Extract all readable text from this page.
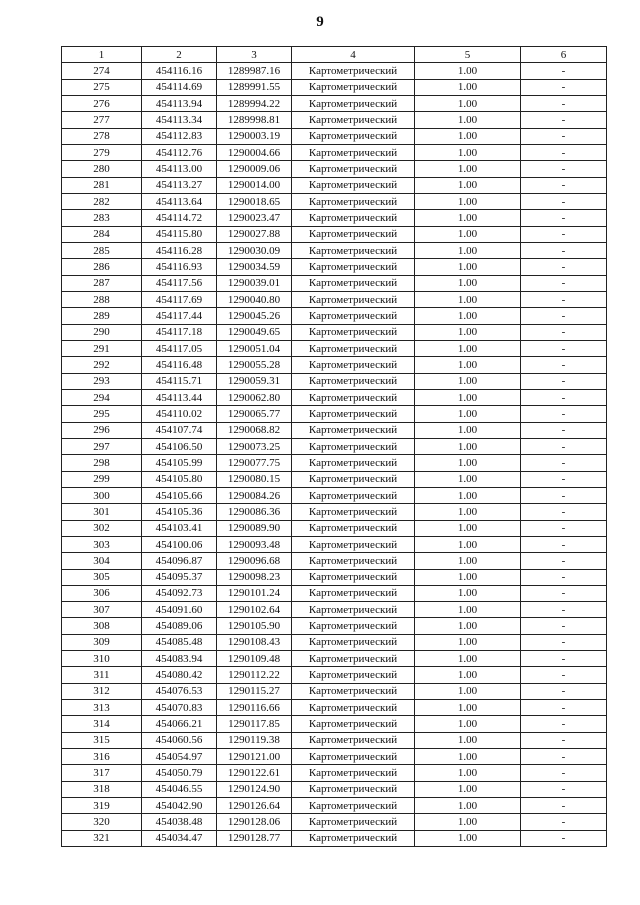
9
1	2	3	4	5	6
274	454116.16	1289987.16	Картометрический	1.00	-
275	454114.69	1289991.55	Картометрический	1.00	-
276	454113.94	1289994.22	Картометрический	1.00	-
277	454113.34	1289998.81	Картометрический	1.00	-
278	454112.83	1290003.19	Картометрический	1.00	-
279	454112.76	1290004.66	Картометрический	1.00	-
280	454113.00	1290009.06	Картометрический	1.00	-
281	454113.27	1290014.00	Картометрический	1.00	-
282	454113.64	1290018.65	Картометрический	1.00	-
283	454114.72	1290023.47	Картометрический	1.00	-
284	454115.80	1290027.88	Картометрический	1.00	-
285	454116.28	1290030.09	Картометрический	1.00	-
286	454116.93	1290034.59	Картометрический	1.00	-
287	454117.56	1290039.01	Картометрический	1.00	-
288	454117.69	1290040.80	Картометрический	1.00	-
289	454117.44	1290045.26	Картометрический	1.00	-
290	454117.18	1290049.65	Картометрический	1.00	-
291	454117.05	1290051.04	Картометрический	1.00	-
292	454116.48	1290055.28	Картометрический	1.00	-
293	454115.71	1290059.31	Картометрический	1.00	-
294	454113.44	1290062.80	Картометрический	1.00	-
295	454110.02	1290065.77	Картометрический	1.00	-
296	454107.74	1290068.82	Картометрический	1.00	-
297	454106.50	1290073.25	Картометрический	1.00	-
298	454105.99	1290077.75	Картометрический	1.00	-
299	454105.80	1290080.15	Картометрический	1.00	-
300	454105.66	1290084.26	Картометрический	1.00	-
301	454105.36	1290086.36	Картометрический	1.00	-
302	454103.41	1290089.90	Картометрический	1.00	-
303	454100.06	1290093.48	Картометрический	1.00	-
304	454096.87	1290096.68	Картометрический	1.00	-
305	454095.37	1290098.23	Картометрический	1.00	-
306	454092.73	1290101.24	Картометрический	1.00	-
307	454091.60	1290102.64	Картометрический	1.00	-
308	454089.06	1290105.90	Картометрический	1.00	-
309	454085.48	1290108.43	Картометрический	1.00	-
310	454083.94	1290109.48	Картометрический	1.00	-
311	454080.42	1290112.22	Картометрический	1.00	-
312	454076.53	1290115.27	Картометрический	1.00	-
313	454070.83	1290116.66	Картометрический	1.00	-
314	454066.21	1290117.85	Картометрический	1.00	-
315	454060.56	1290119.38	Картометрический	1.00	-
316	454054.97	1290121.00	Картометрический	1.00	-
317	454050.79	1290122.61	Картометрический	1.00	-
318	454046.55	1290124.90	Картометрический	1.00	-
319	454042.90	1290126.64	Картометрический	1.00	-
320	454038.48	1290128.06	Картометрический	1.00	-
321	454034.47	1290128.77	Картометрический	1.00	-
